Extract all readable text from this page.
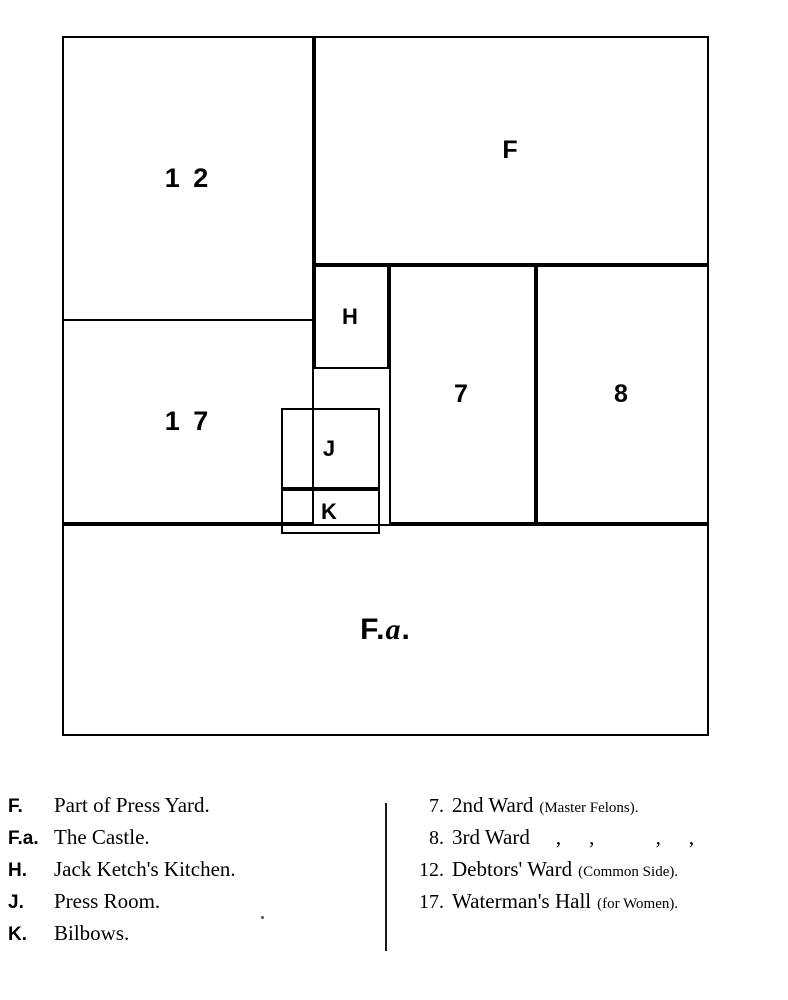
1 2
F
H
1 7
7	8
J
K
F.a.
F.	Part of Press Yard.
F.a. The Castle.
H.	Jack Ketch's Kitchen.
J.	Press Room.
K.	Bilbows.
7. 2nd Ward (Master Felons).
8. 3rd Ward	,, ,,
12. Debtors' Ward (Common Side).
17. Waterman's Hall (for Women).
